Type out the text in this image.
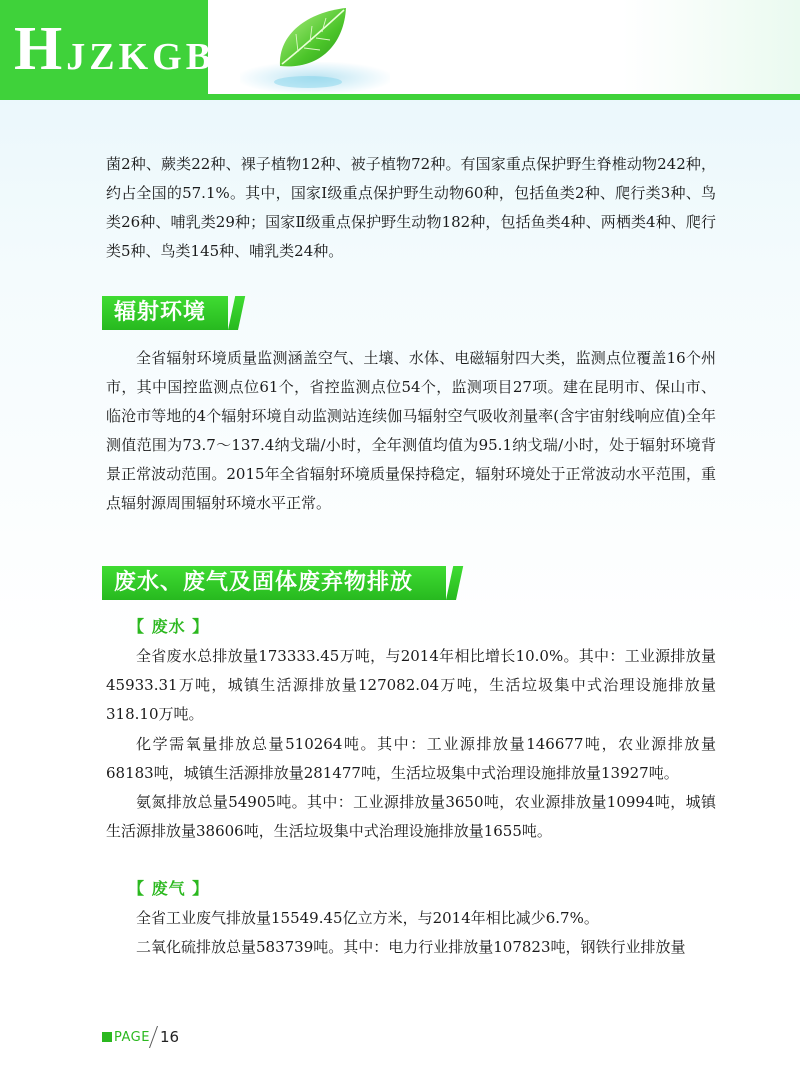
HJZKGB

菌2种、蕨类22种、裸子植物12种、被子植物72种。有国家重点保护野生脊椎动物242种，约占全国的57.1%。其中，国家Ⅰ级重点保护野生动物60种，包括鱼类2种、爬行类3种、鸟类26种、哺乳类29种；国家Ⅱ级重点保护野生动物182种，包括鱼类4种、两栖类4种、爬行类5种、鸟类145种、哺乳类24种。

辐射环境

全省辐射环境质量监测涵盖空气、土壤、水体、电磁辐射四大类，监测点位覆盖16个州市，其中国控监测点位61个，省控监测点位54个，监测项目27项。建在昆明市、保山市、临沧市等地的4个辐射环境自动监测站连续伽马辐射空气吸收剂量率(含宇宙射线响应值)全年测值范围为73.7～137.4纳戈瑞/小时，全年测值均值为95.1纳戈瑞/小时，处于辐射环境背景正常波动范围。2015年全省辐射环境质量保持稳定，辐射环境处于正常波动水平范围，重点辐射源周围辐射环境水平正常。

废水、废气及固体废弃物排放
【 废水 】

全省废水总排放量173333.45万吨，与2014年相比增长10.0%。其中：工业源排放量45933.31万吨，城镇生活源排放量127082.04万吨，生活垃圾集中式治理设施排放量318.10万吨。

化学需氧量排放总量510264吨。其中：工业源排放量146677吨，农业源排放量68183吨，城镇生活源排放量281477吨，生活垃圾集中式治理设施排放量13927吨。

氨氮排放总量54905吨。其中：工业源排放量3650吨，农业源排放量10994吨，城镇生活源排放量38606吨，生活垃圾集中式治理设施排放量1655吨。

【 废气 】

全省工业废气排放量15549.45亿立方米，与2014年相比减少6.7%。

二氧化硫排放总量583739吨。其中：电力行业排放量107823吨，钢铁行业排放量

PAGE 16
